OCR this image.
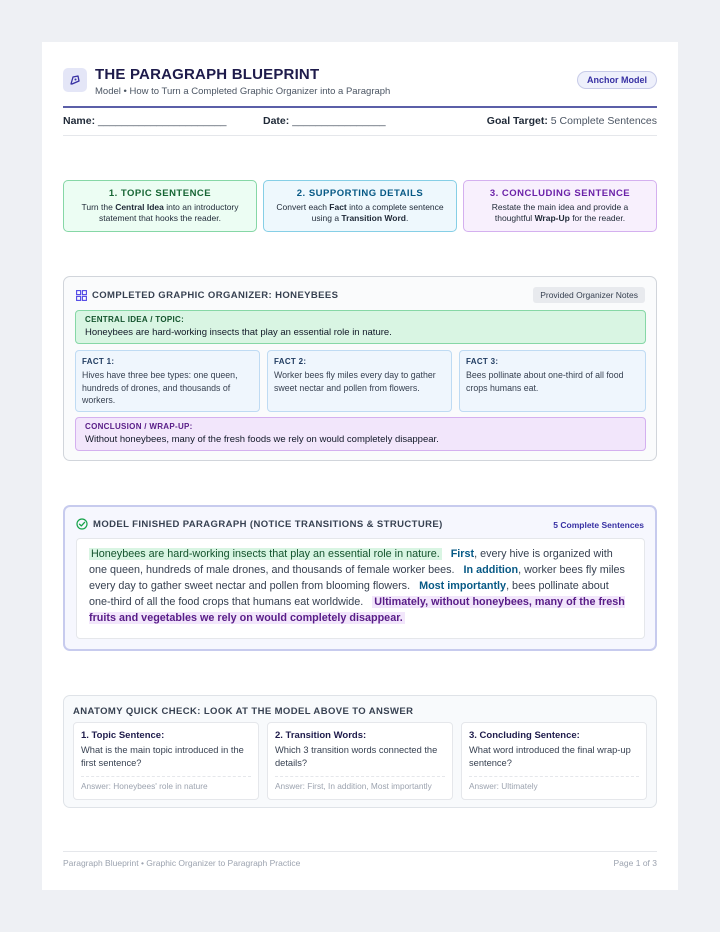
THE PARAGRAPH BLUEPRINT
Model • How to Turn a Completed Graphic Organizer into a Paragraph
Anchor Model
Name: ______________________	Date: ________________	Goal Target: 5 Complete Sentences
1. TOPIC SENTENCE
Turn the Central Idea into an introductory statement that hooks the reader.
2. SUPPORTING DETAILS
Convert each Fact into a complete sentence using a Transition Word.
3. CONCLUDING SENTENCE
Restate the main idea and provide a thoughtful Wrap-Up for the reader.
COMPLETED GRAPHIC ORGANIZER: HONEYBEES	Provided Organizer Notes
CENTRAL IDEA / TOPIC:
Honeybees are hard-working insects that play an essential role in nature.
FACT 1:
Hives have three bee types: one queen, hundreds of drones, and thousands of workers.
FACT 2:
Worker bees fly miles every day to gather sweet nectar and pollen from flowers.
FACT 3:
Bees pollinate about one-third of all food crops humans eat.
CONCLUSION / WRAP-UP:
Without honeybees, many of the fresh foods we rely on would completely disappear.
MODEL FINISHED PARAGRAPH (NOTICE TRANSITIONS & STRUCTURE)	5 Complete Sentences
Honeybees are hard-working insects that play an essential role in nature. First, every hive is organized with one queen, hundreds of male drones, and thousands of female worker bees. In addition, worker bees fly miles every day to gather sweet nectar and pollen from blooming flowers. Most importantly, bees pollinate about one-third of all the food crops that humans eat worldwide. Ultimately, without honeybees, many of the fresh fruits and vegetables we rely on would completely disappear.
ANATOMY QUICK CHECK: LOOK AT THE MODEL ABOVE TO ANSWER
1. Topic Sentence:
What is the main topic introduced in the first sentence?
Answer: Honeybees' role in nature
2. Transition Words:
Which 3 transition words connected the details?
Answer: First, In addition, Most importantly
3. Concluding Sentence:
What word introduced the final wrap-up sentence?
Answer: Ultimately
Paragraph Blueprint • Graphic Organizer to Paragraph Practice	Page 1 of 3
